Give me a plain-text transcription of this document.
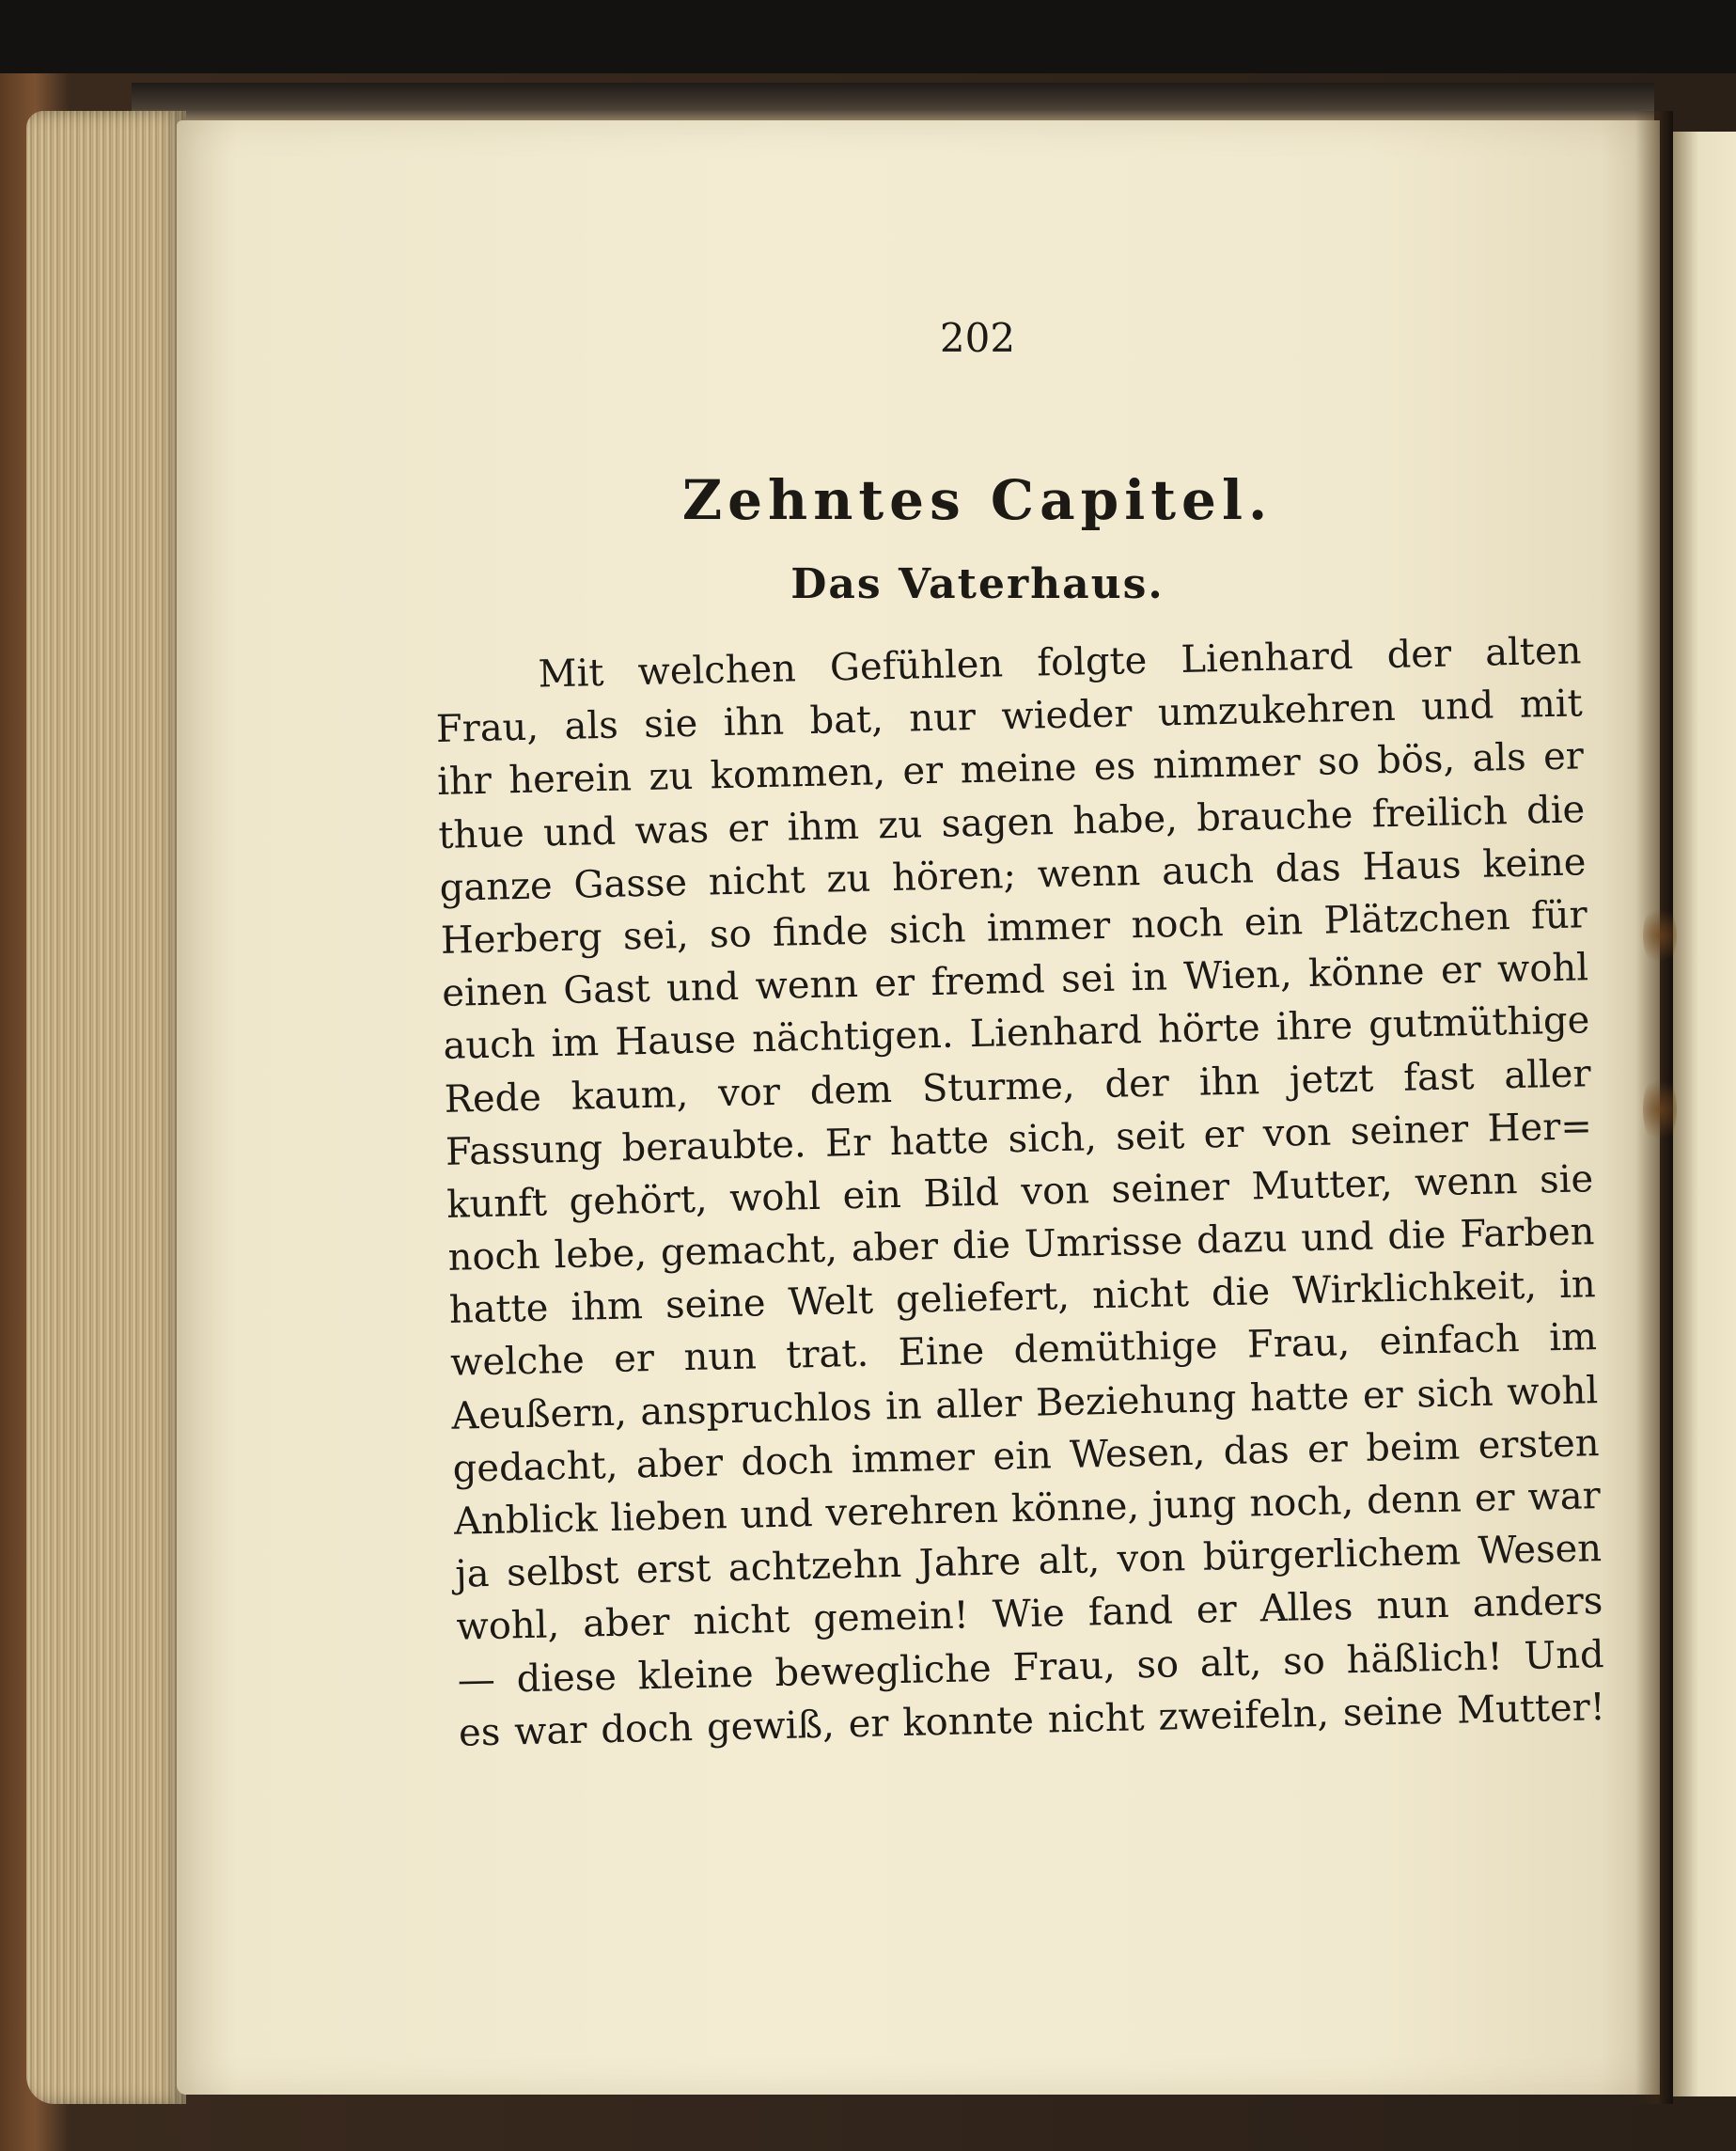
202
Zehntes Capitel.
Das Vaterhaus.
Mit welchen Gefühlen folgte Lienhard der alten
Frau, als sie ihn bat, nur wieder umzukehren und mit
ihr herein zu kommen, er meine es nimmer so bös, als er
thue und was er ihm zu sagen habe, brauche freilich die
ganze Gasse nicht zu hören; wenn auch das Haus keine
Herberg sei, so finde sich immer noch ein Plätzchen für
einen Gast und wenn er fremd sei in Wien, könne er wohl
auch im Hause nächtigen. Lienhard hörte ihre gutmüthige
Rede kaum, vor dem Sturme, der ihn jetzt fast aller
Fassung beraubte. Er hatte sich, seit er von seiner Her=
kunft gehört, wohl ein Bild von seiner Mutter, wenn sie
noch lebe, gemacht, aber die Umrisse dazu und die Farben
hatte ihm seine Welt geliefert, nicht die Wirklichkeit, in
welche er nun trat. Eine demüthige Frau, einfach im
Aeußern, anspruchlos in aller Beziehung hatte er sich wohl
gedacht, aber doch immer ein Wesen, das er beim ersten
Anblick lieben und verehren könne, jung noch, denn er war
ja selbst erst achtzehn Jahre alt, von bürgerlichem Wesen
wohl, aber nicht gemein! Wie fand er Alles nun anders
— diese kleine bewegliche Frau, so alt, so häßlich! Und
es war doch gewiß, er konnte nicht zweifeln, seine Mutter!
